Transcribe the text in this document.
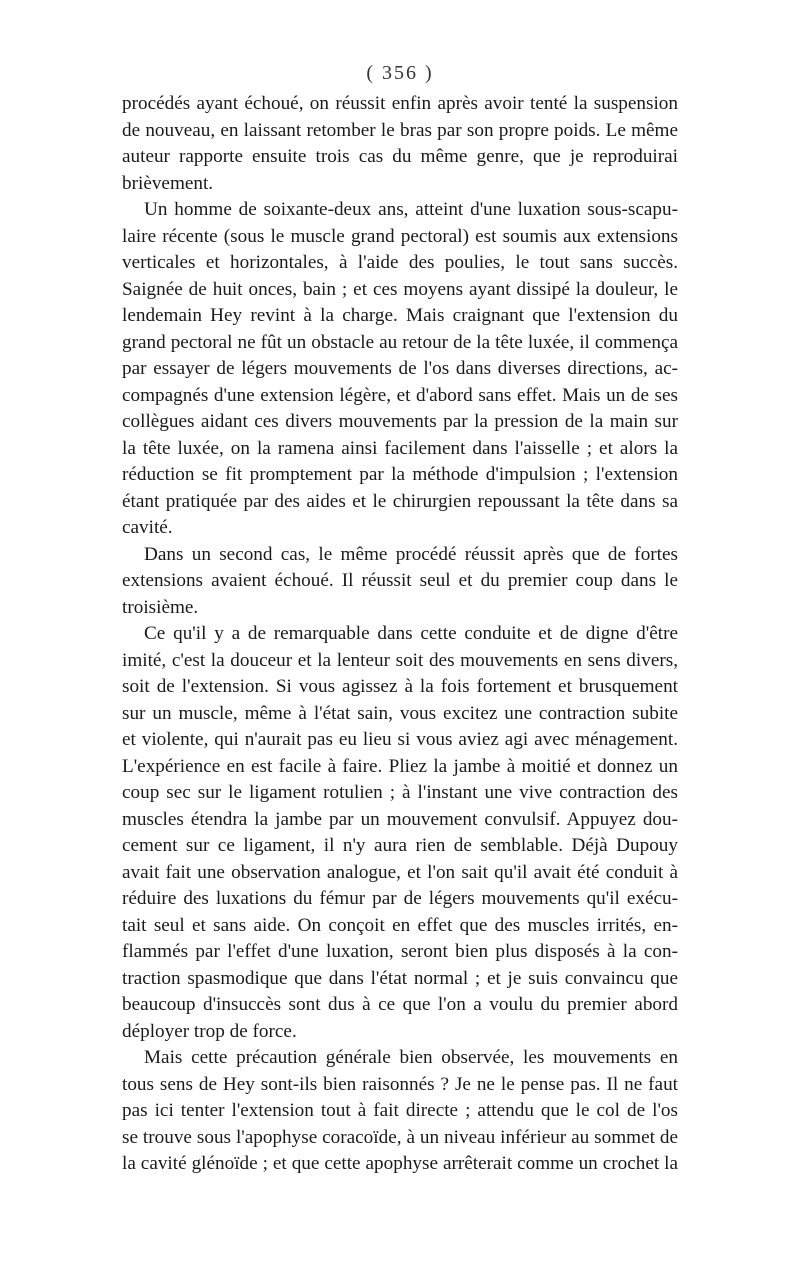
( 356 )
procédés ayant échoué, on réussit enfin après avoir tenté la suspension
de nouveau, en laissant retomber le bras par son propre poids. Le même
auteur rapporte ensuite trois cas du même genre, que je reproduirai
brièvement.
Un homme de soixante-deux ans, atteint d'une luxation sous-scapu-
laire récente (sous le muscle grand pectoral) est soumis aux extensions
verticales et horizontales, à l'aide des poulies, le tout sans succès.
Saignée de huit onces, bain ; et ces moyens ayant dissipé la douleur, le
lendemain Hey revint à la charge. Mais craignant que l'extension du
grand pectoral ne fût un obstacle au retour de la tête luxée, il commença
par essayer de légers mouvements de l'os dans diverses directions, ac-
compagnés d'une extension légère, et d'abord sans effet. Mais un de ses
collègues aidant ces divers mouvements par la pression de la main sur
la tête luxée, on la ramena ainsi facilement dans l'aisselle ; et alors la
réduction se fit promptement par la méthode d'impulsion ; l'extension
étant pratiquée par des aides et le chirurgien repoussant la tête dans sa
cavité.
Dans un second cas, le même procédé réussit après que de fortes
extensions avaient échoué. Il réussit seul et du premier coup dans le
troisième.
Ce qu'il y a de remarquable dans cette conduite et de digne d'être
imité, c'est la douceur et la lenteur soit des mouvements en sens divers,
soit de l'extension. Si vous agissez à la fois fortement et brusquement
sur un muscle, même à l'état sain, vous excitez une contraction subite
et violente, qui n'aurait pas eu lieu si vous aviez agi avec ménagement.
L'expérience en est facile à faire. Pliez la jambe à moitié et donnez un
coup sec sur le ligament rotulien ; à l'instant une vive contraction des
muscles étendra la jambe par un mouvement convulsif. Appuyez dou-
cement sur ce ligament, il n'y aura rien de semblable. Déjà Dupouy
avait fait une observation analogue, et l'on sait qu'il avait été conduit à
réduire des luxations du fémur par de légers mouvements qu'il exécu-
tait seul et sans aide. On conçoit en effet que des muscles irrités, en-
flammés par l'effet d'une luxation, seront bien plus disposés à la con-
traction spasmodique que dans l'état normal ; et je suis convaincu que
beaucoup d'insuccès sont dus à ce que l'on a voulu du premier abord
déployer trop de force.
Mais cette précaution générale bien observée, les mouvements en
tous sens de Hey sont-ils bien raisonnés ? Je ne le pense pas. Il ne faut
pas ici tenter l'extension tout à fait directe ; attendu que le col de l'os
se trouve sous l'apophyse coracoïde, à un niveau inférieur au sommet de
la cavité glénoïde ; et que cette apophyse arrêterait comme un crochet la
